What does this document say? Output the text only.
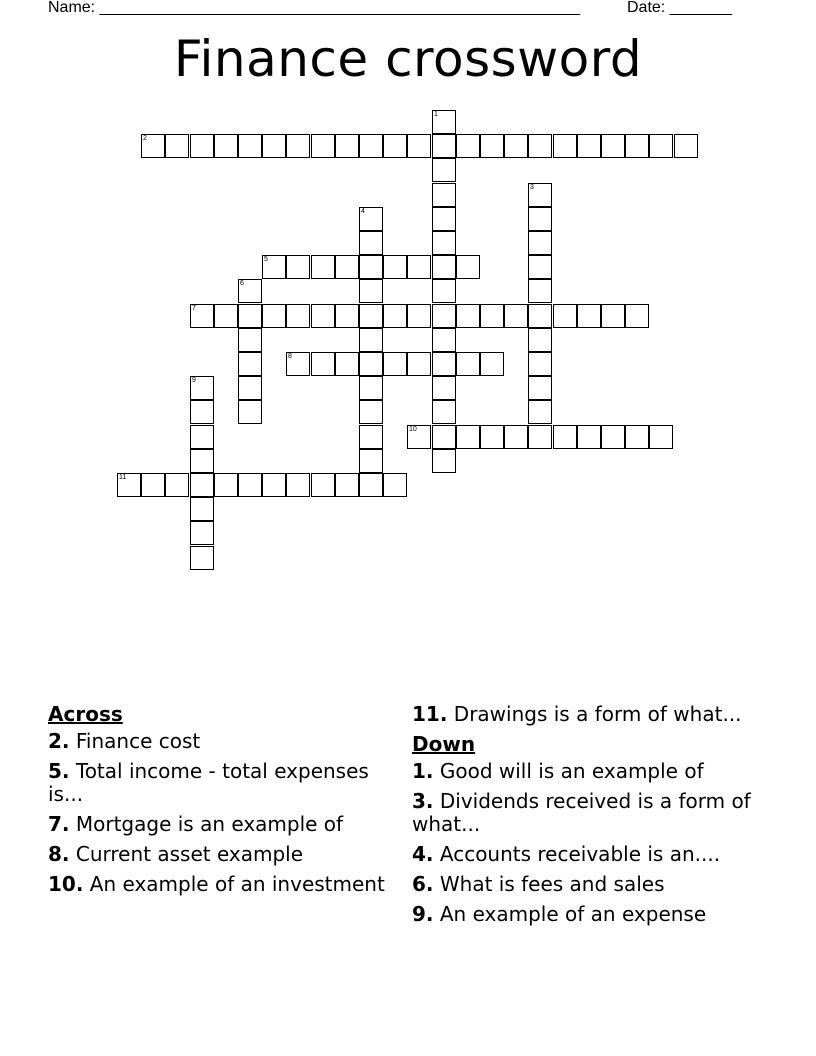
Name: ______________________________________________________	Date: _______
Finance crossword
1
2
3
4
5
6
7
8
9
10
11
Across
2. Finance cost
5. Total income - total expenses is...
7. Mortgage is an example of
8. Current asset example
10. An example of an investment
11. Drawings is a form of what...
Down
1. Good will is an example of
3. Dividends received is a form of what...
4. Accounts receivable is an....
6. What is fees and sales
9. An example of an expense
